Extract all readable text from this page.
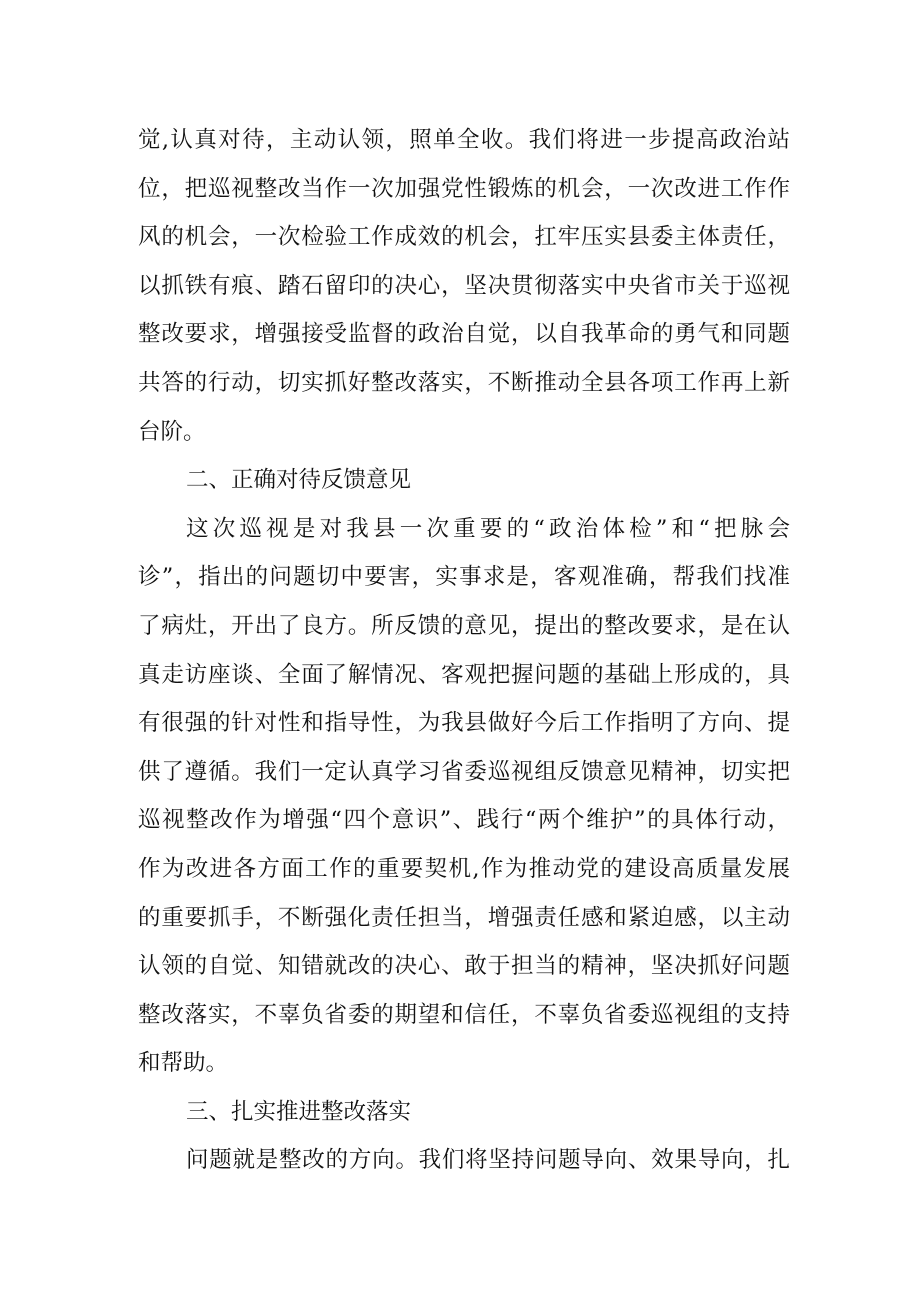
觉,认真对待，主动认领，照单全收。我们将进一步提高政治站
位，把巡视整改当作一次加强党性锻炼的机会，一次改进工作作
风的机会，一次检验工作成效的机会，扛牢压实县委主体责任，
以抓铁有痕、踏石留印的决心，坚决贯彻落实中央省市关于巡视
整改要求，增强接受监督的政治自觉，以自我革命的勇气和同题
共答的行动，切实抓好整改落实，不断推动全县各项工作再上新
台阶。
二、正确对待反馈意见
这次巡视是对我县一次重要的“政治体检”和“把脉会
诊”，指出的问题切中要害，实事求是，客观准确，帮我们找准
了病灶，开出了良方。所反馈的意见，提出的整改要求，是在认
真走访座谈、全面了解情况、客观把握问题的基础上形成的，具
有很强的针对性和指导性，为我县做好今后工作指明了方向、提
供了遵循。我们一定认真学习省委巡视组反馈意见精神，切实把
巡视整改作为增强“四个意识”、践行“两个维护”的具体行动，
作为改进各方面工作的重要契机,作为推动党的建设高质量发展
的重要抓手，不断强化责任担当，增强责任感和紧迫感，以主动
认领的自觉、知错就改的决心、敢于担当的精神，坚决抓好问题
整改落实，不辜负省委的期望和信任，不辜负省委巡视组的支持
和帮助。
三、扎实推进整改落实
问题就是整改的方向。我们将坚持问题导向、效果导向，扎
